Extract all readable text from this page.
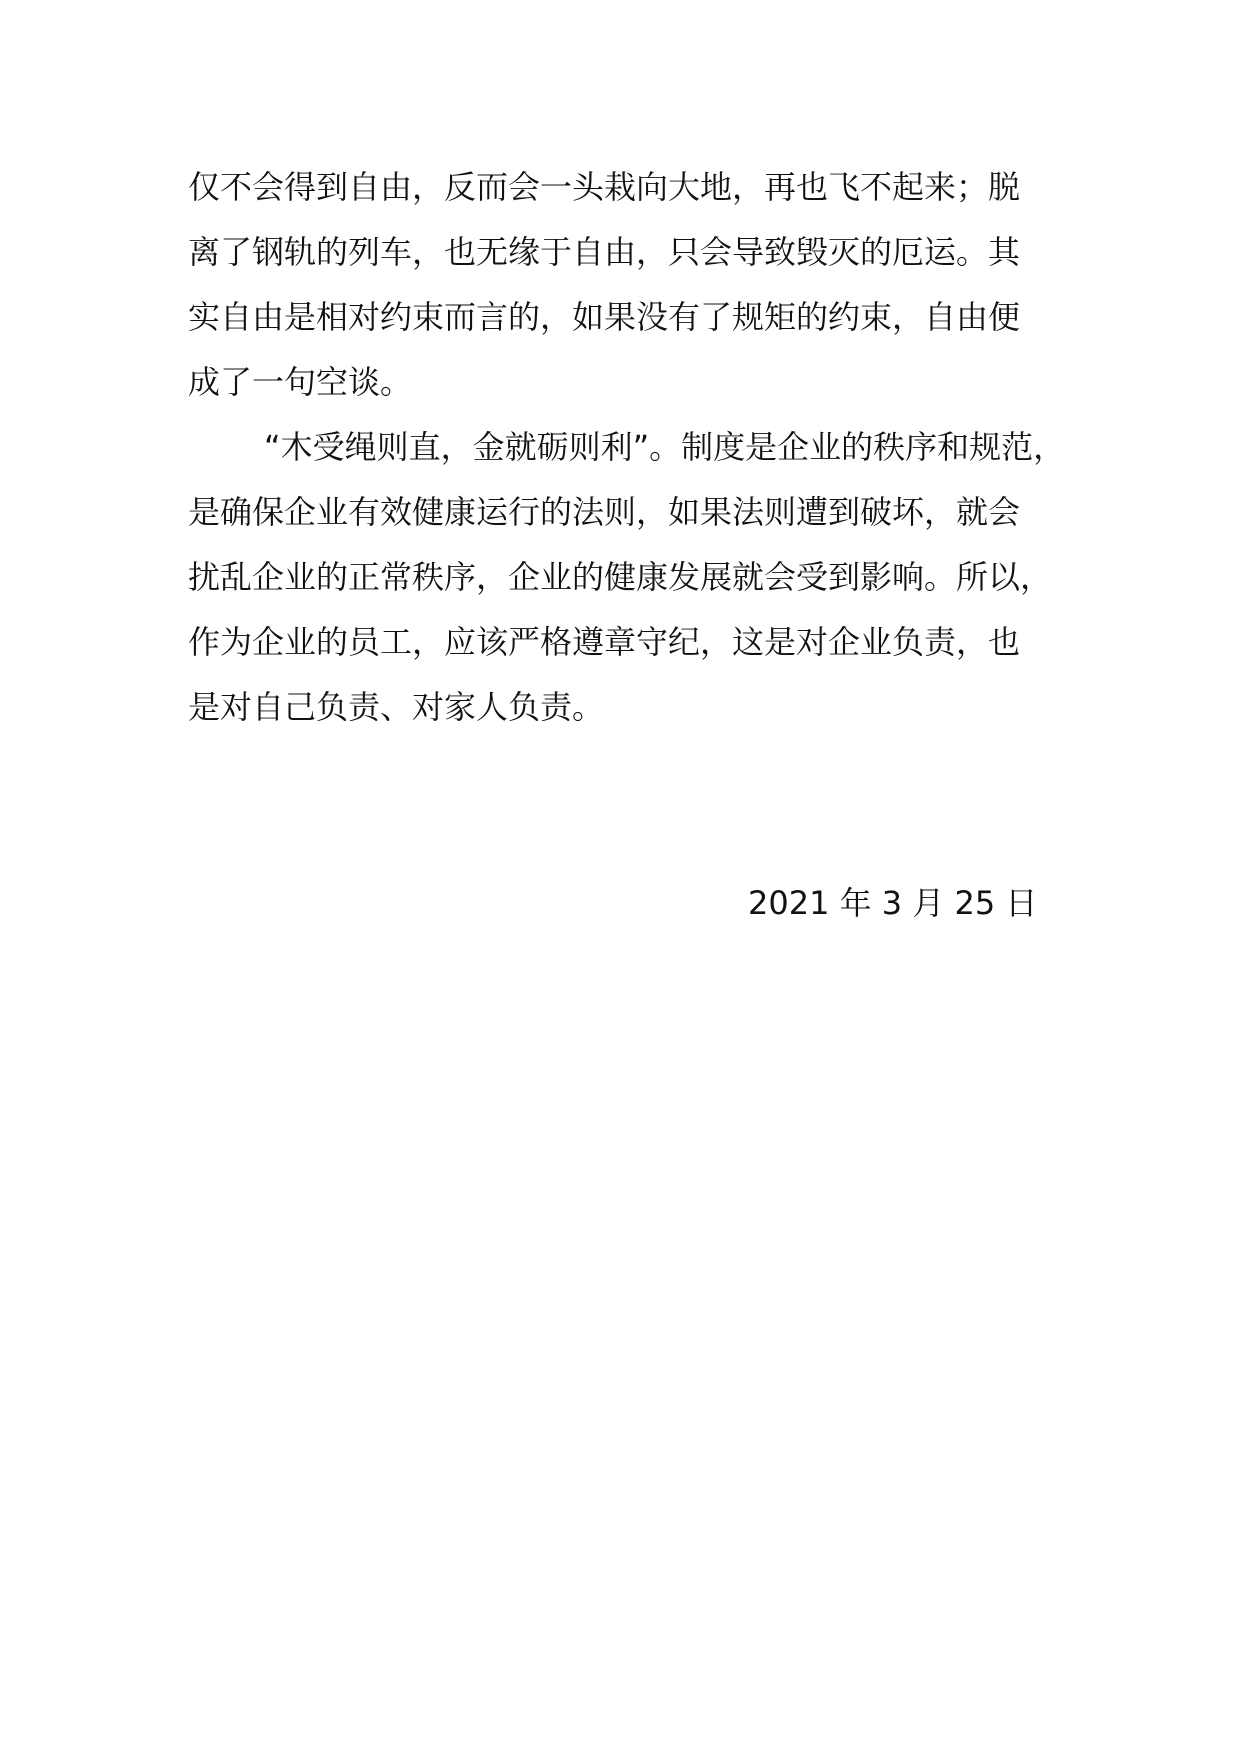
仅不会得到自由，反而会一头栽向大地，再也飞不起来；脱
离了钢轨的列车，也无缘于自由，只会导致毁灭的厄运。其
实自由是相对约束而言的，如果没有了规矩的约束，自由便
成了一句空谈。
“木受绳则直，金就砺则利”。制度是企业的秩序和规范，
是确保企业有效健康运行的法则，如果法则遭到破坏，就会
扰乱企业的正常秩序，企业的健康发展就会受到影响。所以，
作为企业的员工，应该严格遵章守纪，这是对企业负责，也
是对自己负责、对家人负责。
2021 年 3 月 25 日
